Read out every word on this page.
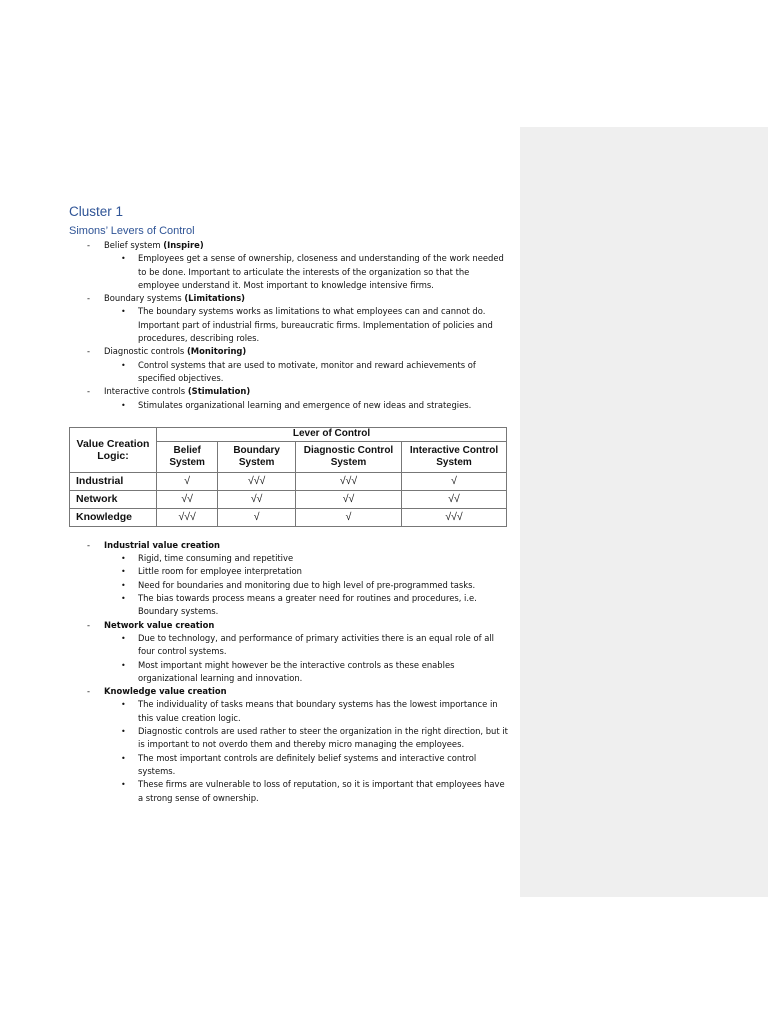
Cluster 1
Simons’ Levers of Control
- Belief system (Inspire)
• Employees get a sense of ownership, closeness and understanding of the work needed to be done. Important to articulate the interests of the organization so that the employee understand it. Most important to knowledge intensive firms.
- Boundary systems (Limitations)
• The boundary systems works as limitations to what employees can and cannot do. Important part of industrial firms, bureaucratic firms. Implementation of policies and procedures, describing roles.
- Diagnostic controls (Monitoring)
• Control systems that are used to motivate, monitor and reward achievements of specified objectives.
- Interactive controls (Stimulation)
• Stimulates organizational learning and emergence of new ideas and strategies.
Value Creation Logic:	Lever of Control			
	Belief System	Boundary System	Diagnostic Control System	Interactive Control System
Industrial	√	√√√	√√√	√
Network	√√	√√	√√	√√
Knowledge	√√√	√	√	√√√
- Industrial value creation
• Rigid, time consuming and repetitive
• Little room for employee interpretation
• Need for boundaries and monitoring due to high level of pre-programmed tasks.
• The bias towards process means a greater need for routines and procedures, i.e. Boundary systems.
- Network value creation
• Due to technology, and performance of primary activities there is an equal role of all four control systems.
• Most important might however be the interactive controls as these enables organizational learning and innovation.
- Knowledge value creation
• The individuality of tasks means that boundary systems has the lowest importance in this value creation logic.
• Diagnostic controls are used rather to steer the organization in the right direction, but it is important to not overdo them and thereby micro managing the employees.
• The most important controls are definitely belief systems and interactive control systems.
• These firms are vulnerable to loss of reputation, so it is important that employees have a strong sense of ownership.
